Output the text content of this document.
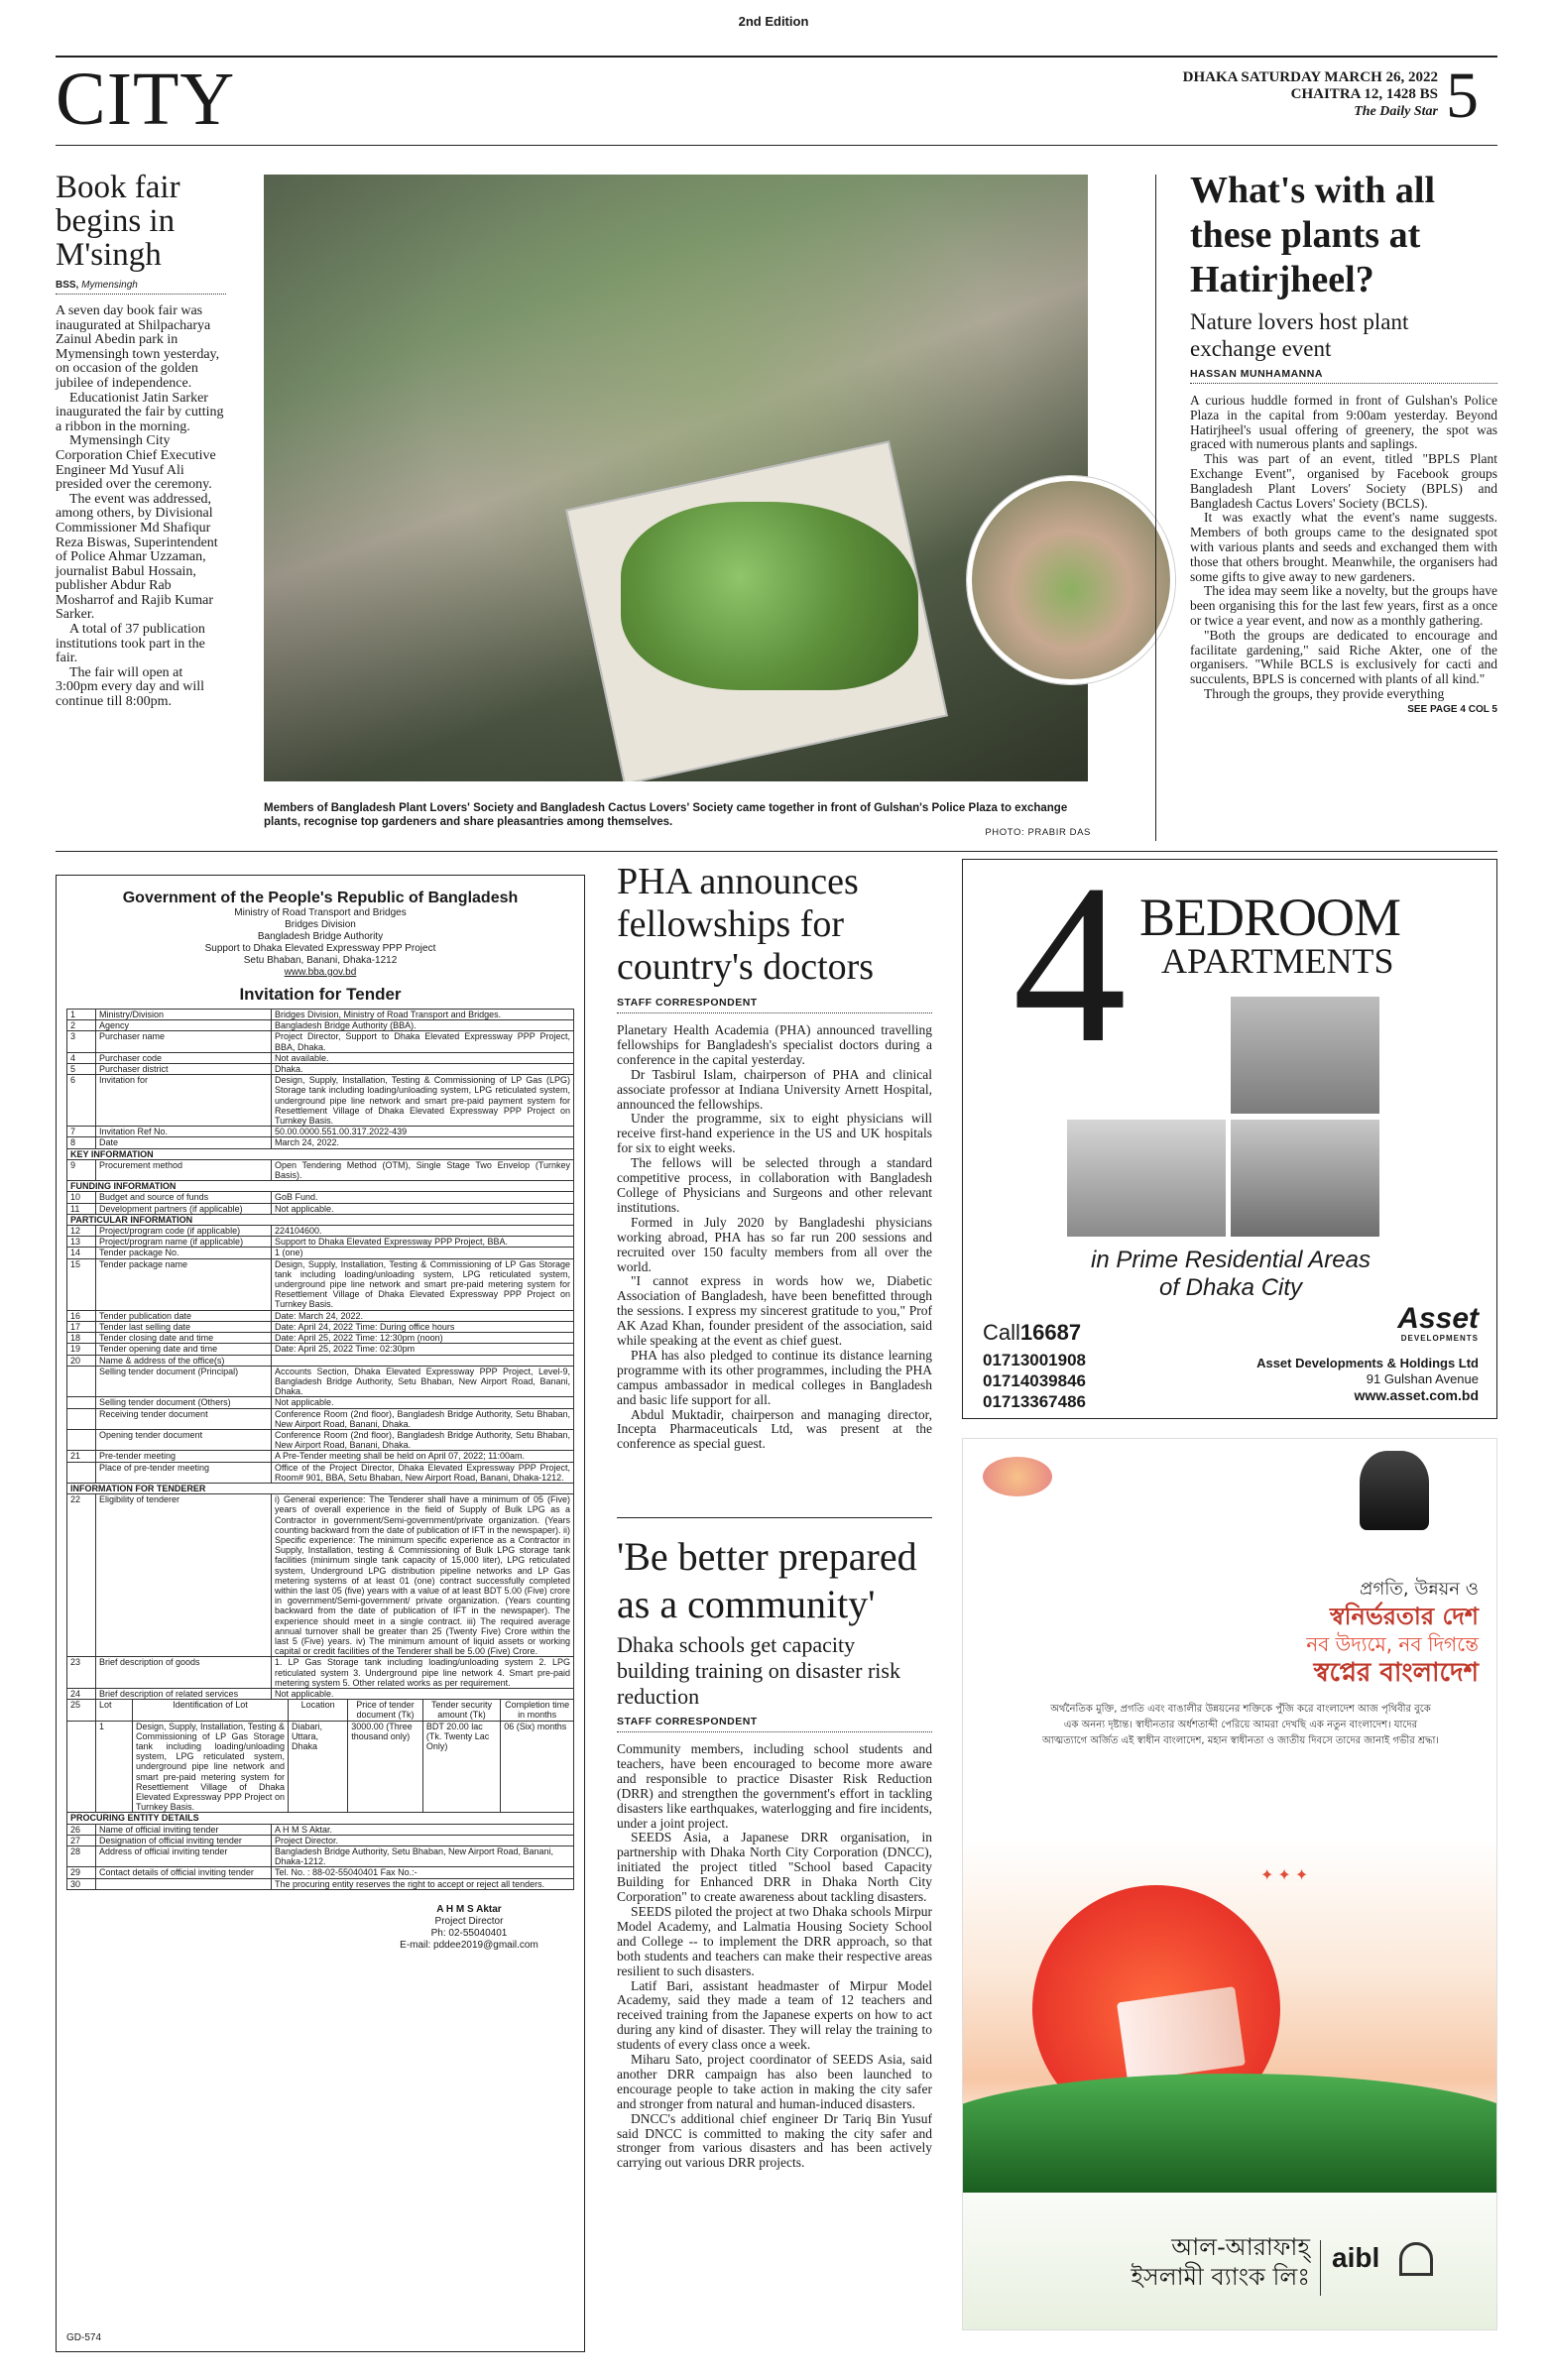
2nd Edition
CITY	DHAKA SATURDAY MARCH 26, 2022
CHAITRA 12, 1428 BS
The Daily Star 5
Book fair begins in M'singh
BSS, Mymensingh

A seven day book fair was inaugurated at Shilpacharya Zainul Abedin park in Mymensingh town yesterday, on occasion of the golden jubilee of independence.

Educationist Jatin Sarker inaugurated the fair by cutting a ribbon in the morning.

Mymensingh City Corporation Chief Executive Engineer Md Yusuf Ali presided over the ceremony.

The event was addressed, among others, by Divisional Commissioner Md Shafiqur Reza Biswas, Superintendent of Police Ahmar Uzzaman, journalist Babul Hossain, publisher Abdur Rab Mosharrof and Rajib Kumar Sarker.

A total of 37 publication institutions took part in the fair.

The fair will open at 3:00pm every day and will continue till 8:00pm.

Members of Bangladesh Plant Lovers' Society and Bangladesh Cactus Lovers' Society came together in front of Gulshan's Police Plaza to exchange plants, recognise top gardeners and share pleasantries among themselves.
PHOTO: PRABIR DAS
What's with all these plants at Hatirjheel?
Nature lovers host plant exchange event
HASSAN MUNHAMANNA

A curious huddle formed in front of Gulshan's Police Plaza in the capital from 9:00am yesterday. Beyond Hatirjheel's usual offering of greenery, the spot was graced with numerous plants and saplings.

This was part of an event, titled "BPLS Plant Exchange Event", organised by Facebook groups Bangladesh Plant Lovers' Society (BPLS) and Bangladesh Cactus Lovers' Society (BCLS).

It was exactly what the event's name suggests. Members of both groups came to the designated spot with various plants and seeds and exchanged them with those that others brought. Meanwhile, the organisers had some gifts to give away to new gardeners.

The idea may seem like a novelty, but the groups have been organising this for the last few years, first as a once or twice a year event, and now as a monthly gathering.

"Both the groups are dedicated to encourage and facilitate gardening," said Riche Akter, one of the organisers. "While BCLS is exclusively for cacti and succulents, BPLS is concerned with plants of all kind."

Through the groups, they provide everything

SEE PAGE 4 COL 5
Government of the People's Republic of Bangladesh
Ministry of Road Transport and Bridges
Bridges Division
Bangladesh Bridge Authority
Support to Dhaka Elevated Expressway PPP Project
Setu Bhaban, Banani, Dhaka-1212
www.bba.gov.bd
Invitation for Tender
1	Ministry/Division	Bridges Division, Ministry of Road Transport and Bridges.
2	Agency	Bangladesh Bridge Authority (BBA).
3	Purchaser name	Project Director, Support to Dhaka Elevated Expressway PPP Project, BBA, Dhaka.
4	Purchaser code	Not available.
5	Purchaser district	Dhaka.
6	Invitation for	Design, Supply, Installation, Testing & Commissioning of LP Gas (LPG) Storage tank including loading/unloading system, LPG reticulated system, underground pipe line network and smart pre-paid payment system for Resettlement Village of Dhaka Elevated Expressway PPP Project on Turnkey Basis.
7	Invitation Ref No.	50.00.0000.551.00.317.2022-439
8	Date	March 24, 2022.
KEY INFORMATION		
9	Procurement method	Open Tendering Method (OTM), Single Stage Two Envelop (Turnkey Basis).
FUNDING INFORMATION		
10	Budget and source of funds	GoB Fund.
11	Development partners (if applicable)	Not applicable.
PARTICULAR INFORMATION		
12	Project/program code (if applicable)	224104600.
13	Project/program name (if applicable)	Support to Dhaka Elevated Expressway PPP Project, BBA.
14	Tender package No.	1 (one)
15	Tender package name	Design, Supply, Installation, Testing & Commissioning of LP Gas Storage tank including loading/unloading system, LPG reticulated system, underground pipe line network and smart pre-paid metering system for Resettlement Village of Dhaka Elevated Expressway PPP Project on Turnkey Basis.
16	Tender publication date	Date: March 24, 2022.
17	Tender last selling date	Date: April 24, 2022 Time: During office hours
18	Tender closing date and time	Date: April 25, 2022 Time: 12:30pm (noon)
19	Tender opening date and time	Date: April 25, 2022 Time: 02:30pm
20	Name & address of the office(s)	
	Selling tender document (Principal)	Accounts Section, Dhaka Elevated Expressway PPP Project, Level-9, Bangladesh Bridge Authority, Setu Bhaban, New Airport Road, Banani, Dhaka.
	Selling tender document (Others)	Not applicable.
	Receiving tender document	Conference Room (2nd floor), Bangladesh Bridge Authority, Setu Bhaban, New Airport Road, Banani, Dhaka.
	Opening tender document	Conference Room (2nd floor), Bangladesh Bridge Authority, Setu Bhaban, New Airport Road, Banani, Dhaka.
21	Pre-tender meeting	A Pre-Tender meeting shall be held on April 07, 2022; 11:00am.
	Place of pre-tender meeting	Office of the Project Director, Dhaka Elevated Expressway PPP Project, Room# 901, BBA, Setu Bhaban, New Airport Road, Banani, Dhaka-1212.
INFORMATION FOR TENDERER		
22	Eligibility of tenderer	i) General experience: The Tenderer shall have a minimum of 05 (Five) years of overall experience in the field of Supply of Bulk LPG as a Contractor in government/Semi-government/private organization. (Years counting backward from the date of publication of IFT in the newspaper). ii) Specific experience: The minimum specific experience as a Contractor in Supply, Installation, testing & Commissioning of Bulk LPG storage tank facilities (minimum single tank capacity of 15,000 liter), LPG reticulated system, Underground LPG distribution pipeline networks and LP Gas metering systems of at least 01 (one) contract successfully completed within the last 05 (five) years with a value of at least BDT 5.00 (Five) crore in government/Semi-government/ private organization. (Years counting backward from the date of publication of IFT in the newspaper). The experience should meet in a single contract. iii) The required average annual turnover shall be greater than 25 (Twenty Five) Crore within the last 5 (Five) years. iv) The minimum amount of liquid assets or working capital or credit facilities of the Tenderer shall be 5.00 (Five) Crore.
23	Brief description of goods	1. LP Gas Storage tank including loading/unloading system 2. LPG reticulated system 3. Underground pipe line network 4. Smart pre-paid metering system 5. Other related works as per requirement.
24	Brief description of related services	Not applicable.
25	Lot	Identification of Lot	Location	Price of tender document (Tk)	Tender security amount (Tk)	Completion time in months
	1	Design, Supply, Installation, Testing & Commissioning of LP Gas Storage tank including loading/unloading system, LPG reticulated system, underground pipe line network and smart pre-paid metering system for Resettlement Village of Dhaka Elevated Expressway PPP Project on Turnkey Basis.	Diabari, Uttara, Dhaka	3000.00 (Three thousand only)	BDT 20.00 lac (Tk. Twenty Lac Only)	06 (Six) months
PROCURING ENTITY DETAILS		
26	Name of official inviting tender	A H M S Aktar.
27	Designation of official inviting tender	Project Director.
28	Address of official inviting tender	Bangladesh Bridge Authority, Setu Bhaban, New Airport Road, Banani, Dhaka-1212.
29	Contact details of official inviting tender	Tel. No. : 88-02-55040401 Fax No.:-
30		The procuring entity reserves the right to accept or reject all tenders.
A H M S Aktar
Project Director
Ph: 02-55040401
E-mail: pddee2019@gmail.com
GD-574
PHA announces fellowships for country's doctors
STAFF CORRESPONDENT

Planetary Health Academia (PHA) announced travelling fellowships for Bangladesh's specialist doctors during a conference in the capital yesterday.

Dr Tasbirul Islam, chairperson of PHA and clinical associate professor at Indiana University Arnett Hospital, announced the fellowships.

Under the programme, six to eight physicians will receive first-hand experience in the US and UK hospitals for six to eight weeks.

The fellows will be selected through a standard competitive process, in collaboration with Bangladesh College of Physicians and Surgeons and other relevant institutions.

Formed in July 2020 by Bangladeshi physicians working abroad, PHA has so far run 200 sessions and recruited over 150 faculty members from all over the world.

"I cannot express in words how we, Diabetic Association of Bangladesh, have been benefitted through the sessions. I express my sincerest gratitude to you," Prof AK Azad Khan, founder president of the association, said while speaking at the event as chief guest.

PHA has also pledged to continue its distance learning programme with its other programmes, including the PHA campus ambassador in medical colleges in Bangladesh and basic life support for all.

Abdul Muktadir, chairperson and managing director, Incepta Pharmaceuticals Ltd, was present at the conference as special guest.

'Be better prepared as a community'
Dhaka schools get capacity building training on disaster risk reduction
STAFF CORRESPONDENT

Community members, including school students and teachers, have been encouraged to become more aware and responsible to practice Disaster Risk Reduction (DRR) and strengthen the government's effort in tackling disasters like earthquakes, waterlogging and fire incidents, under a joint project.

SEEDS Asia, a Japanese DRR organisation, in partnership with Dhaka North City Corporation (DNCC), initiated the project titled "School based Capacity Building for Enhanced DRR in Dhaka North City Corporation" to create awareness about tackling disasters.

SEEDS piloted the project at two Dhaka schools Mirpur Model Academy, and Lalmatia Housing Society School and College -- to implement the DRR approach, so that both students and teachers can make their respective areas resilient to such disasters.

Latif Bari, assistant headmaster of Mirpur Model Academy, said they made a team of 12 teachers and received training from the Japanese experts on how to act during any kind of disaster. They will relay the training to students of every class once a week.

Miharu Sato, project coordinator of SEEDS Asia, said another DRR campaign has also been launched to encourage people to take action in making the city safer and stronger from natural and human-induced disasters.

DNCC's additional chief engineer Dr Tariq Bin Yusuf said DNCC is committed to making the city safer and stronger from various disasters and has been actively carrying out various DRR projects.

4 BEDROOM
APARTMENTS
in Prime Residential Areas
of Dhaka City
Call16687
01713001908
01714039846
01713367486
Asset
DEVELOPMENTS
Asset Developments & Holdings Ltd
91 Gulshan Avenue
www.asset.com.bd
প্রগতি, উন্নয়ন ও
স্বনির্ভরতার দেশ
নব উদ্যমে, নব দিগন্তে
স্বপ্নের বাংলাদেশ
অর্থনৈতিক মুক্তি, প্রগতি এবং বাঙালীর উন্নয়নের শক্তিকে পুঁজি করে বাংলাদেশ আজ পৃথিবীর বুকে এক অনন্য দৃষ্টান্ত। স্বাধীনতার অর্ধশতাব্দী পেরিয়ে আমরা দেখছি এক নতুন বাংলাদেশ। যাদের আত্মত্যাগে অর্জিত এই স্বাধীন বাংলাদেশ, মহান স্বাধীনতা ও জাতীয় দিবসে তাদের জানাই গভীর শ্রদ্ধা।
✦ ✦ ✦
আল-আরাফাহ্
ইসলামী ব্যাংক লিঃ
aibl
